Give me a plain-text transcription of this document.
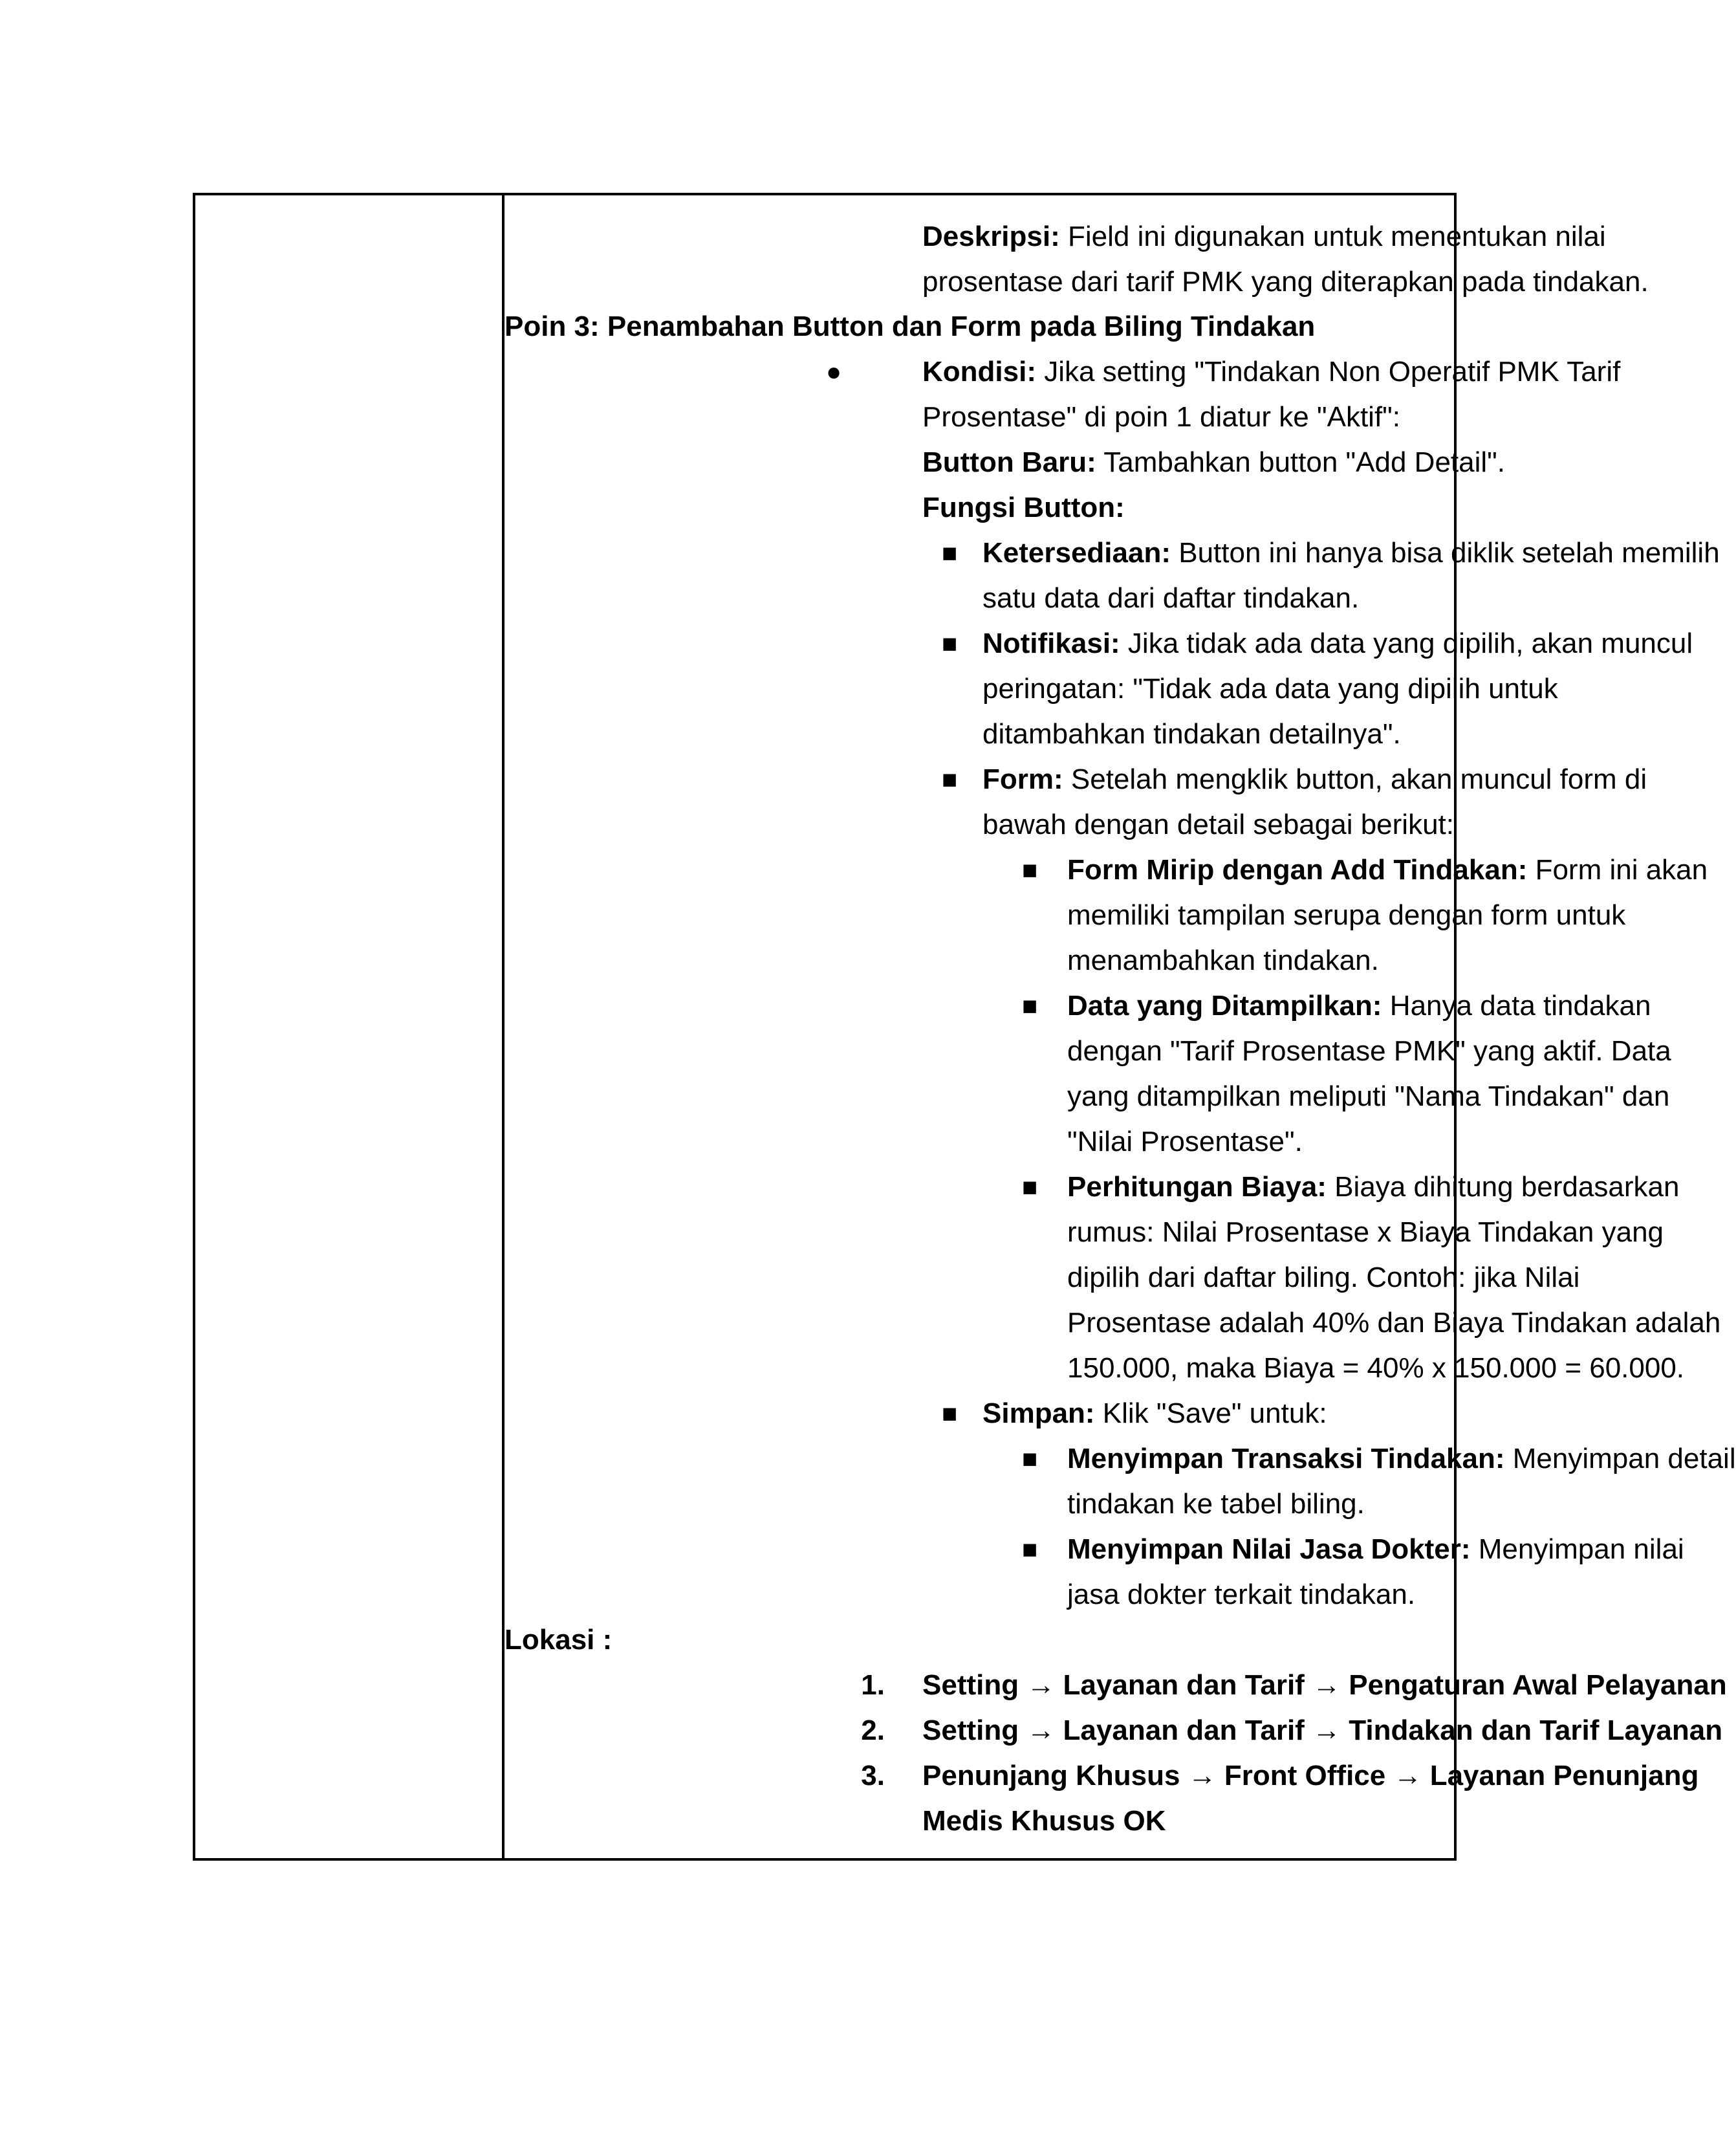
Deskripsi: Field ini digunakan untuk menentukan nilai
prosentase dari tarif PMK yang diterapkan pada tindakan.
Poin 3: Penambahan Button dan Form pada Biling Tindakan
●	Kondisi: Jika setting "Tindakan Non Operatif PMK Tarif
Prosentase" di poin 1 diatur ke "Aktif":
Button Baru: Tambahkan button "Add Detail".
Fungsi Button:
■ Ketersediaan: Button ini hanya bisa diklik setelah memilih
satu data dari daftar tindakan.
■ Notifikasi: Jika tidak ada data yang dipilih, akan muncul
peringatan: "Tidak ada data yang dipilih untuk
ditambahkan tindakan detailnya".
■ Form: Setelah mengklik button, akan muncul form di
bawah dengan detail sebagai berikut:
■ Form Mirip dengan Add Tindakan: Form ini akan
memiliki tampilan serupa dengan form untuk
menambahkan tindakan.
■ Data yang Ditampilkan: Hanya data tindakan
dengan "Tarif Prosentase PMK" yang aktif. Data
yang ditampilkan meliputi "Nama Tindakan" dan
"Nilai Prosentase".
■ Perhitungan Biaya: Biaya dihitung berdasarkan
rumus: Nilai Prosentase x Biaya Tindakan yang
dipilih dari daftar biling. Contoh: jika Nilai
Prosentase adalah 40% dan Biaya Tindakan adalah
150.000, maka Biaya = 40% x 150.000 = 60.000.
■ Simpan: Klik "Save" untuk:
■ Menyimpan Transaksi Tindakan: Menyimpan detail
tindakan ke tabel biling.
■ Menyimpan Nilai Jasa Dokter: Menyimpan nilai
jasa dokter terkait tindakan.
Lokasi :
1. Setting → Layanan dan Tarif → Pengaturan Awal Pelayanan
2. Setting → Layanan dan Tarif → Tindakan dan Tarif Layanan
3. Penunjang Khusus → Front Office → Layanan Penunjang
Medis Khusus OK
